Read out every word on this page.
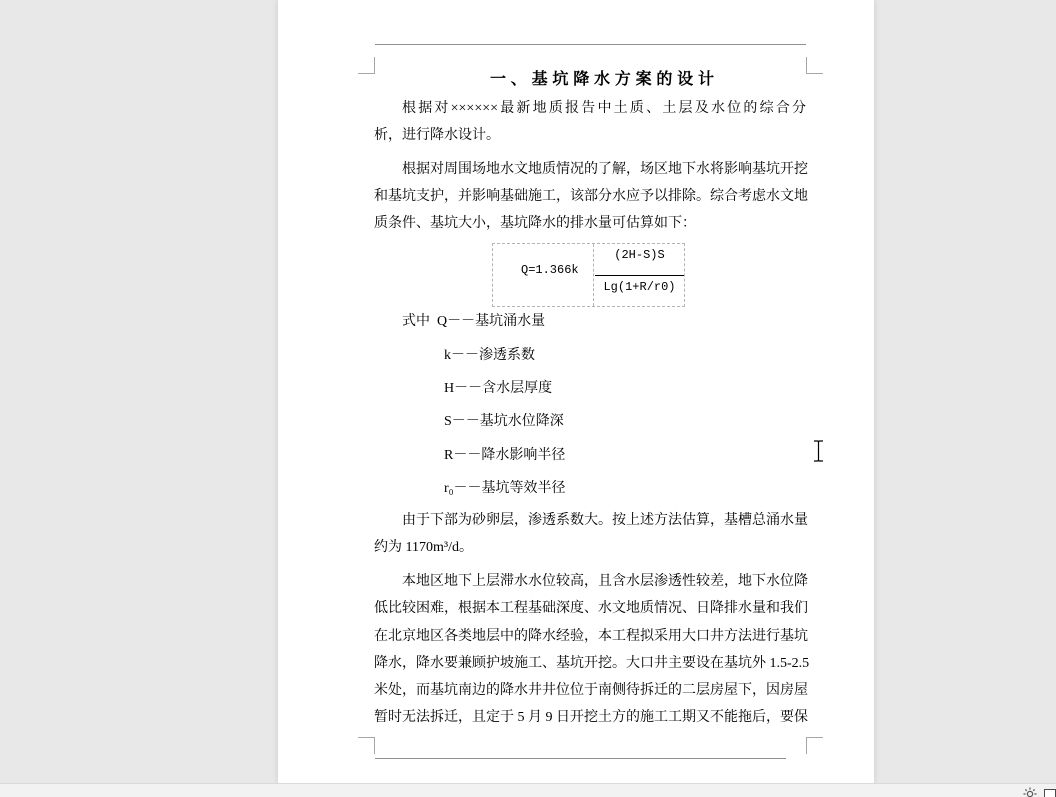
一、基坑降水方案的设计
根据对××××××最新地质报告中土质、土层及水位的综合分
析，进行降水设计。
根据对周围场地水文地质情况的了解，场区地下水将影响基坑开挖
和基坑支护，并影响基础施工，该部分水应予以排除。综合考虑水文地
质条件、基坑大小，基坑降水的排水量可估算如下：
Q=1.366k
(2H-S)S
Lg(1+R/r0)
式中 Q－－基坑涌水量
k－－渗透系数
H－－含水层厚度
S－－基坑水位降深
R－－降水影响半径
r₀－－基坑等效半径
由于下部为砂卵层，渗透系数大。按上述方法估算，基槽总涌水量
约为 1170m³/d。
本地区地下上层滞水水位较高，且含水层渗透性较差，地下水位降
低比较困难，根据本工程基础深度、水文地质情况、日降排水量和我们
在北京地区各类地层中的降水经验，本工程拟采用大口井方法进行基坑
降水，降水要兼顾护坡施工、基坑开挖。大口井主要设在基坑外 1.5-2.5
米处，而基坑南边的降水井井位位于南侧待拆迁的二层房屋下，因房屋
暂时无法拆迁，且定于 5 月 9 日开挖土方的施工工期又不能拖后，要保
